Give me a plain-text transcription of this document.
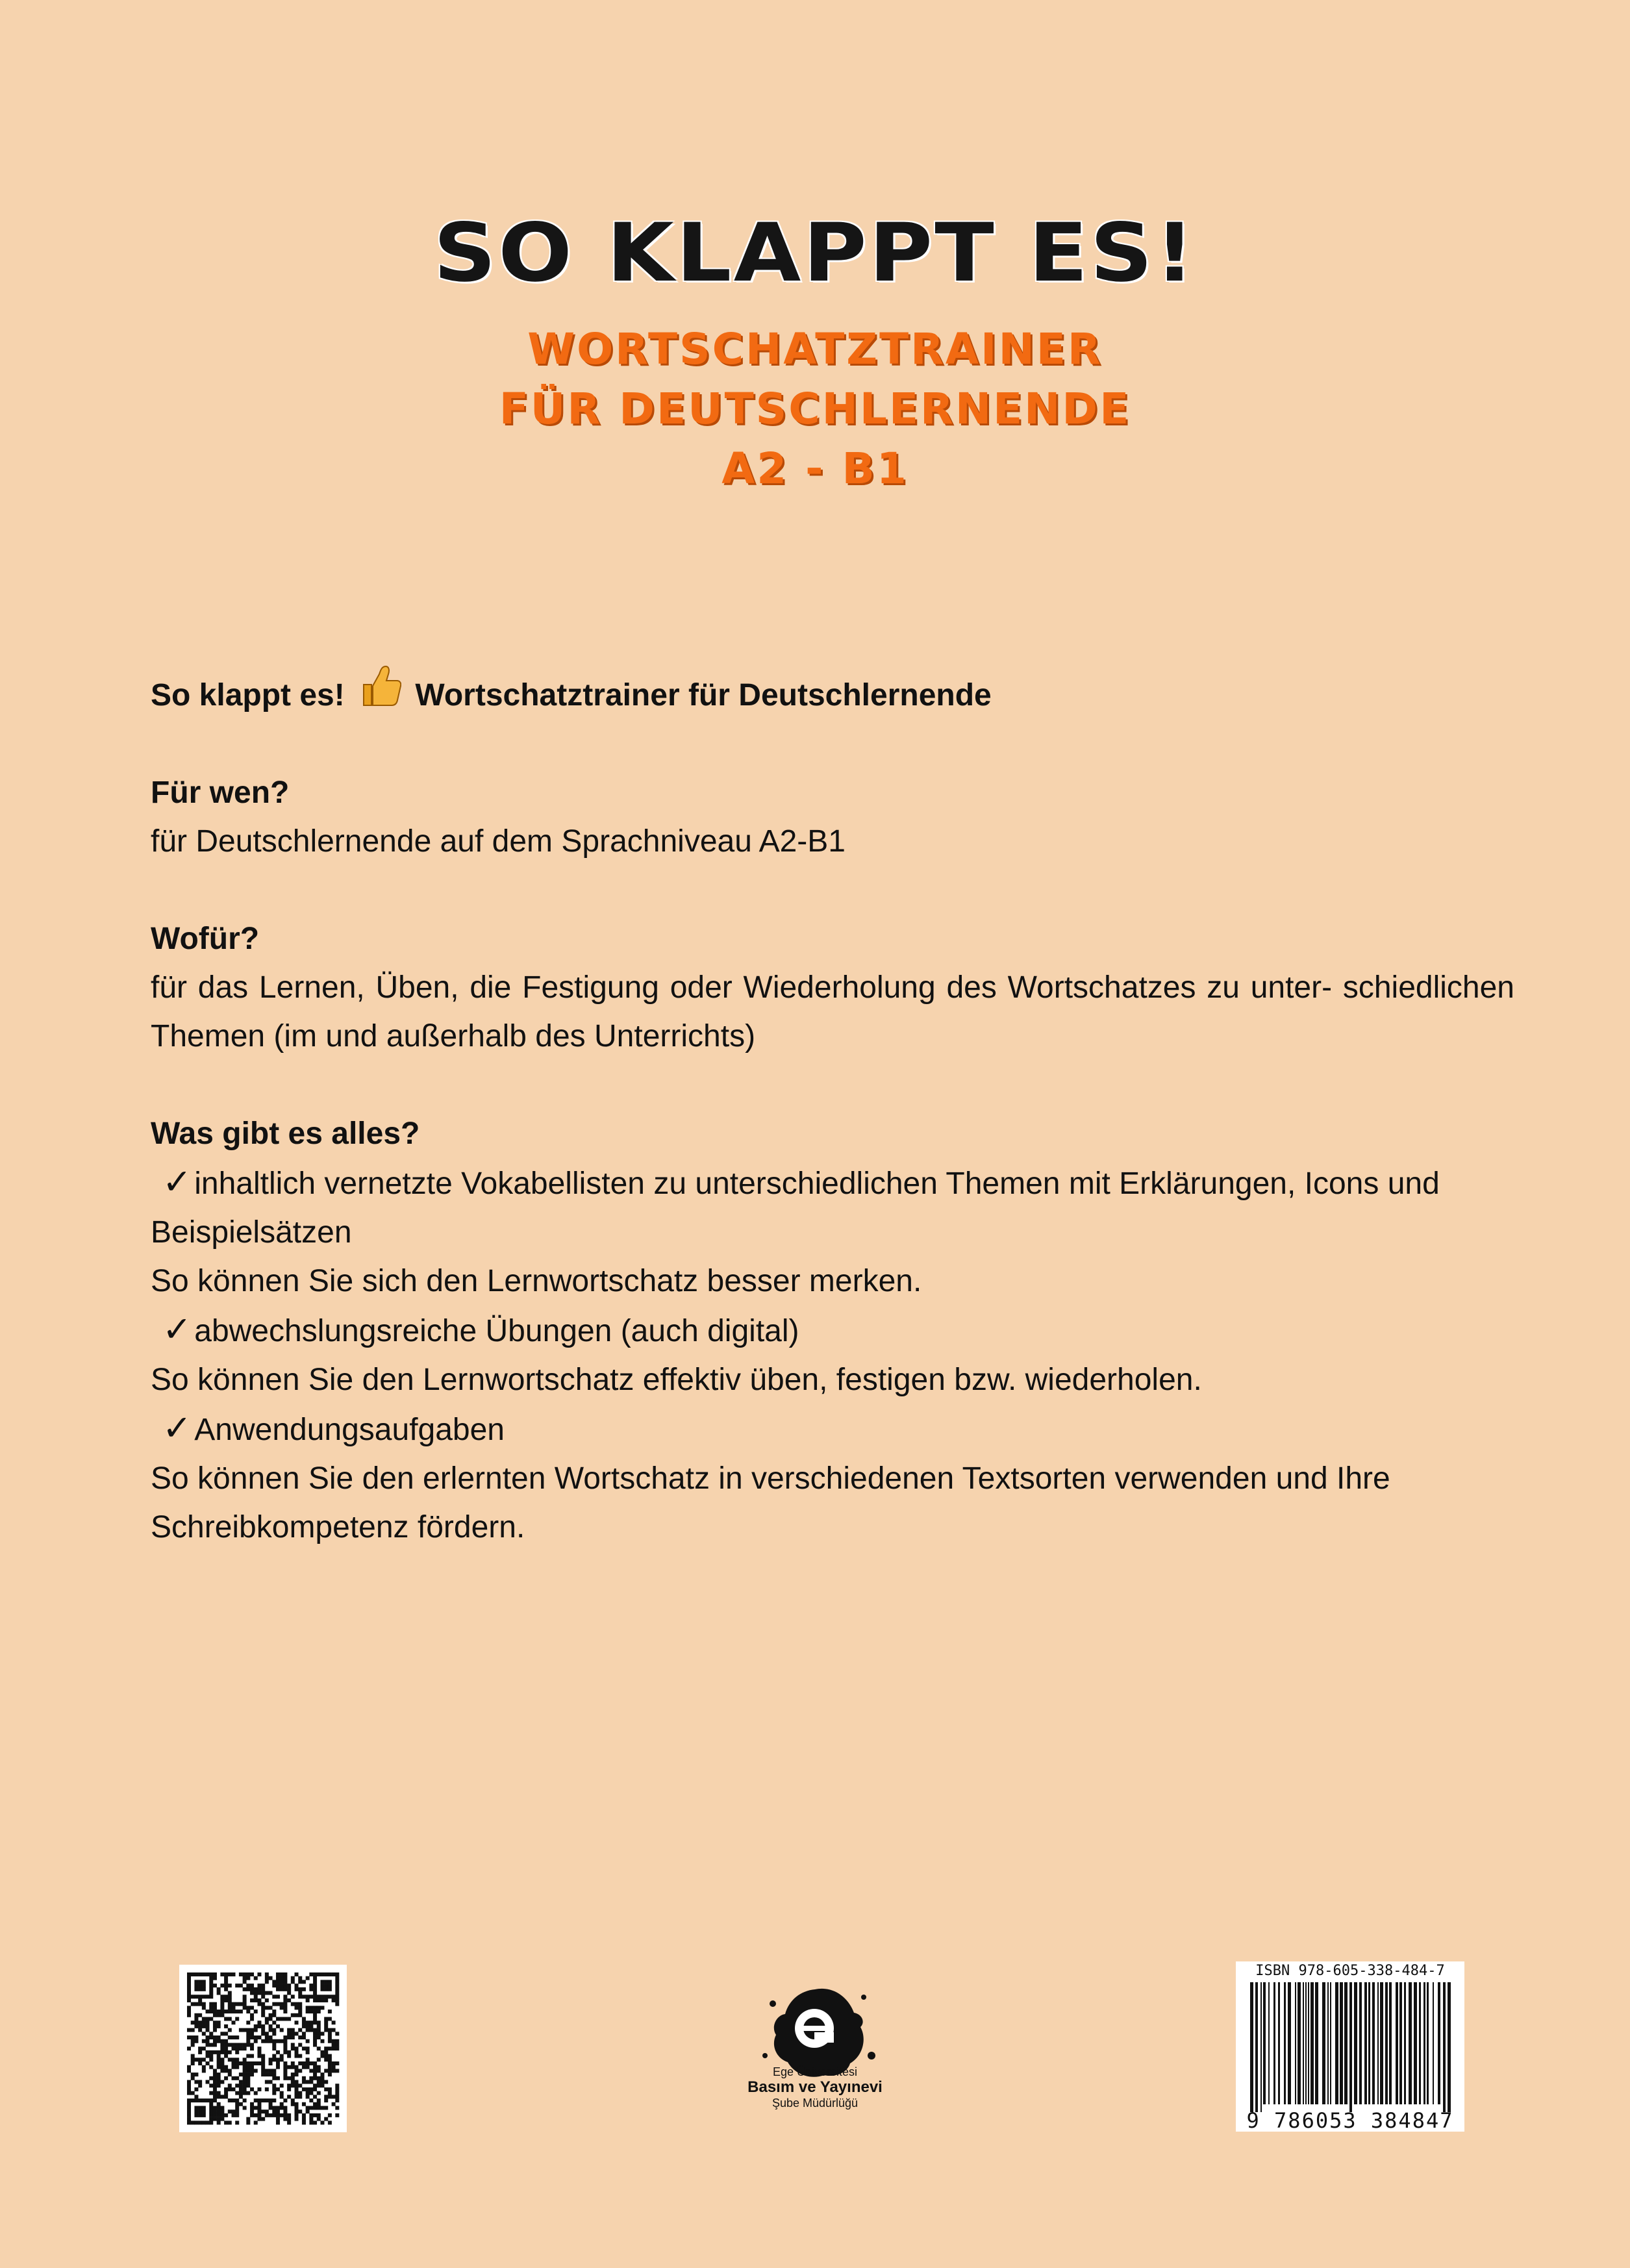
SO KLAPPT ES!
WORTSCHATZTRAINER
FÜR DEUTSCHLERNENDE
A2 - B1

So klappt es! Wortschatztrainer für Deutschlernende

Für wen?

für Deutschlernende auf dem Sprachniveau A2-B1

Wofür?

für das Lernen, Üben, die Festigung oder Wiederholung des Wortschatzes zu unter- schiedlichen Themen (im und außerhalb des Unterrichts)

Was gibt es alles?

✓inhaltlich vernetzte Vokabellisten zu unterschiedlichen Themen mit Erklärungen, Icons und Beispielsätzen

So können Sie sich den Lernwortschatz besser merken.

✓abwechslungsreiche Übungen (auch digital)

So können Sie den Lernwortschatz effektiv üben, festigen bzw. wiederholen.

✓Anwendungsaufgaben

So können Sie den erlernten Wortschatz in verschiedenen Textsorten verwenden und Ihre Schreibkompetenz fördern.

Ege Üniversitesi
Basım ve Yayınevi
Şube Müdürlüğü
ISBN 978-605-338-484-7
9 786053 384847
